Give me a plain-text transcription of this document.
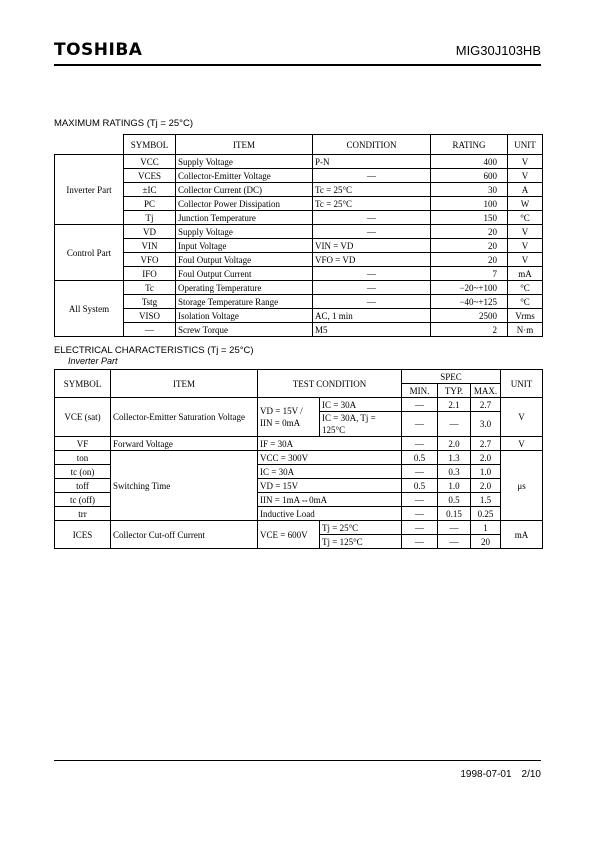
TOSHIBA	MIG30J103HB
MAXIMUM RATINGS (Tj = 25°C)
	SYMBOL	ITEM	CONDITION	RATING	UNIT
Inverter Part	VCC	Supply Voltage	P-N	400	V
	VCES	Collector-Emitter Voltage	—	600	V
	±IC	Collector Current (DC)	Tc = 25°C	30	A
	PC	Collector Power Dissipation	Tc = 25°C	100	W
	Tj	Junction Temperature	—	150	°C
Control Part	VD	Supply Voltage	—	20	V
	VIN	Input Voltage	VIN = VD	20	V
	VFO	Foul Output Voltage	VFO = VD	20	V
	IFO	Foul Output Current	—	7	mA
All System	Tc	Operating Temperature	—	−20~+100	°C
	Tstg	Storage Temperature Range	—	−40~+125	°C
	VISO	Isolation Voltage	AC, 1 min	2500	Vrms
	—	Screw Torque	M5	2	N·m
ELECTRICAL CHARACTERISTICS (Tj = 25°C)
Inverter Part
SYMBOL	ITEM	TEST CONDITION		SPEC			UNIT
				MIN.	TYP.	MAX.	
VCE (sat)	Collector-Emitter Saturation Voltage	VD = 15V / IIN = 0mA	IC = 30A	—	2.1	2.7	V
			IC = 30A, Tj = 125°C	—	—	3.0	
VF	Forward Voltage	IF = 30A		—	2.0	2.7	V
ton	Switching Time	VCC = 300V		0.5	1.3	2.0	μs
tc (on)		IC = 30A		—	0.3	1.0	
toff		VD = 15V		0.5	1.0	2.0	
tc (off)		IIN = 1mA⇔0mA		—	0.5	1.5	
trr		Inductive Load		—	0.15	0.25	
ICES	Collector Cut-off Current	VCE = 600V	Tj = 25°C	—	—	1	mA
			Tj = 125°C	—	—	20	
1998-07-01 2/10
